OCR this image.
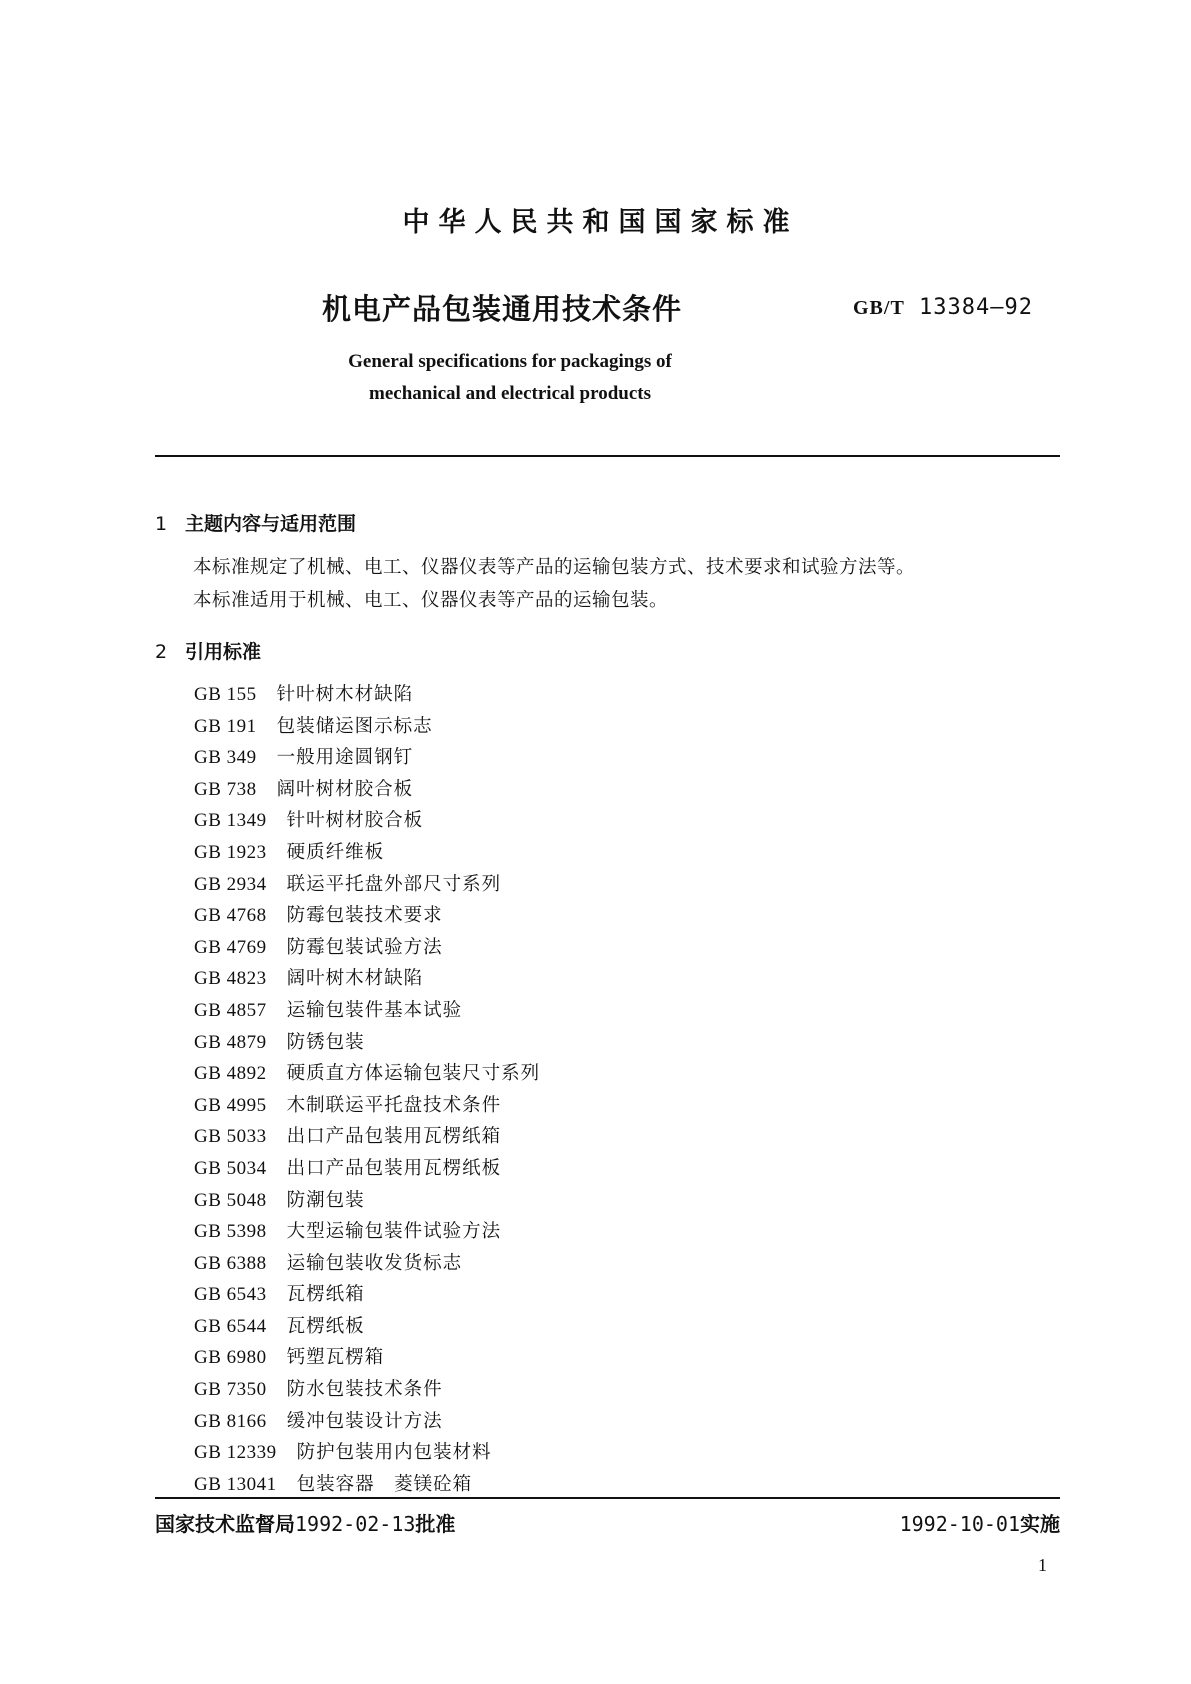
中华人民共和国国家标准
机电产品包装通用技术条件	GB/T 13384—92
General specifications for packagings of
mechanical and electrical products
1 主题内容与适用范围
本标准规定了机械、电工、仪器仪表等产品的运输包装方式、技术要求和试验方法等。
本标准适用于机械、电工、仪器仪表等产品的运输包装。
2 引用标准
GB 155 针叶树木材缺陷
GB 191 包装储运图示标志
GB 349 一般用途圆钢钉
GB 738 阔叶树材胶合板
GB 1349 针叶树材胶合板
GB 1923 硬质纤维板
GB 2934 联运平托盘外部尺寸系列
GB 4768 防霉包装技术要求
GB 4769 防霉包装试验方法
GB 4823 阔叶树木材缺陷
GB 4857 运输包装件基本试验
GB 4879 防锈包装
GB 4892 硬质直方体运输包装尺寸系列
GB 4995 木制联运平托盘技术条件
GB 5033 出口产品包装用瓦楞纸箱
GB 5034 出口产品包装用瓦楞纸板
GB 5048 防潮包装
GB 5398 大型运输包装件试验方法
GB 6388 运输包装收发货标志
GB 6543 瓦楞纸箱
GB 6544 瓦楞纸板
GB 6980 钙塑瓦楞箱
GB 7350 防水包装技术条件
GB 8166 缓冲包装设计方法
GB 12339 防护包装用内包装材料
GB 13041 包装容器　菱镁砼箱
国家技术监督局1992-02-13批准	1992-10-01实施
1
